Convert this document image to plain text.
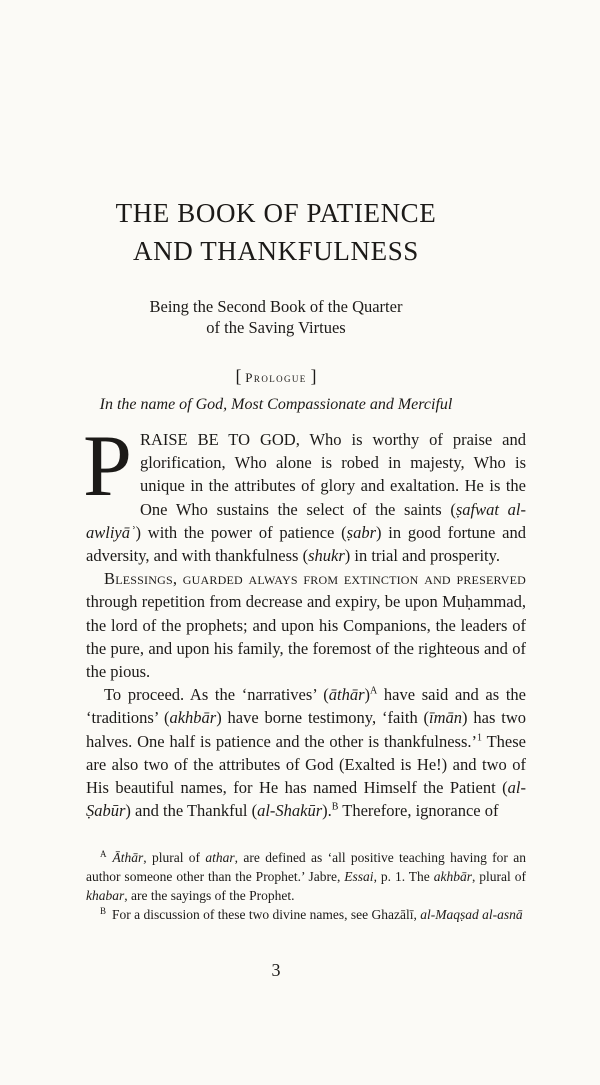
THE BOOK OF PATIENCE
AND THANKFULNESS
Being the Second Book of the Quarter
of the Saving Virtues
[ Prologue ]
In the name of God, Most Compassionate and Merciful

PRAISE BE TO GOD, Who is worthy of praise and glorification, Who alone is robed in majesty, Who is unique in the attributes of glory and exaltation. He is the One Who sustains the select of the saints (ṣafwat al-awliyāʾ) with the power of patience (ṣabr) in good fortune and adversity, and with thankfulness (shukr) in trial and prosperity.

Blessings, guarded always from extinction and preserved through repetition from decrease and expiry, be upon Muḥammad, the lord of the prophets; and upon his Companions, the leaders of the pure, and upon his family, the foremost of the righteous and of the pious.

To proceed. As the ‘narratives’ (āthār)$^A$ have said and as the ‘traditions’ (akhbār) have borne testimony, ‘faith (īmān) has two halves. One half is patience and the other is thankfulness.’$^1$ These are also two of the attributes of God (Exalted is He!) and two of His beautiful names, for He has named Himself the Patient (al-Ṣabūr) and the Thankful (al-Shakūr).$^B$ Therefore, ignorance of

$^A$ Āthār, plural of athar, are defined as ‘all positive teaching having for an author someone other than the Prophet.’ Jabre, Essai, p. 1. The akhbār, plural of khabar, are the sayings of the Prophet.

$^B$ For a discussion of these two divine names, see Ghazālī, al-Maqṣad al-asnā

3
